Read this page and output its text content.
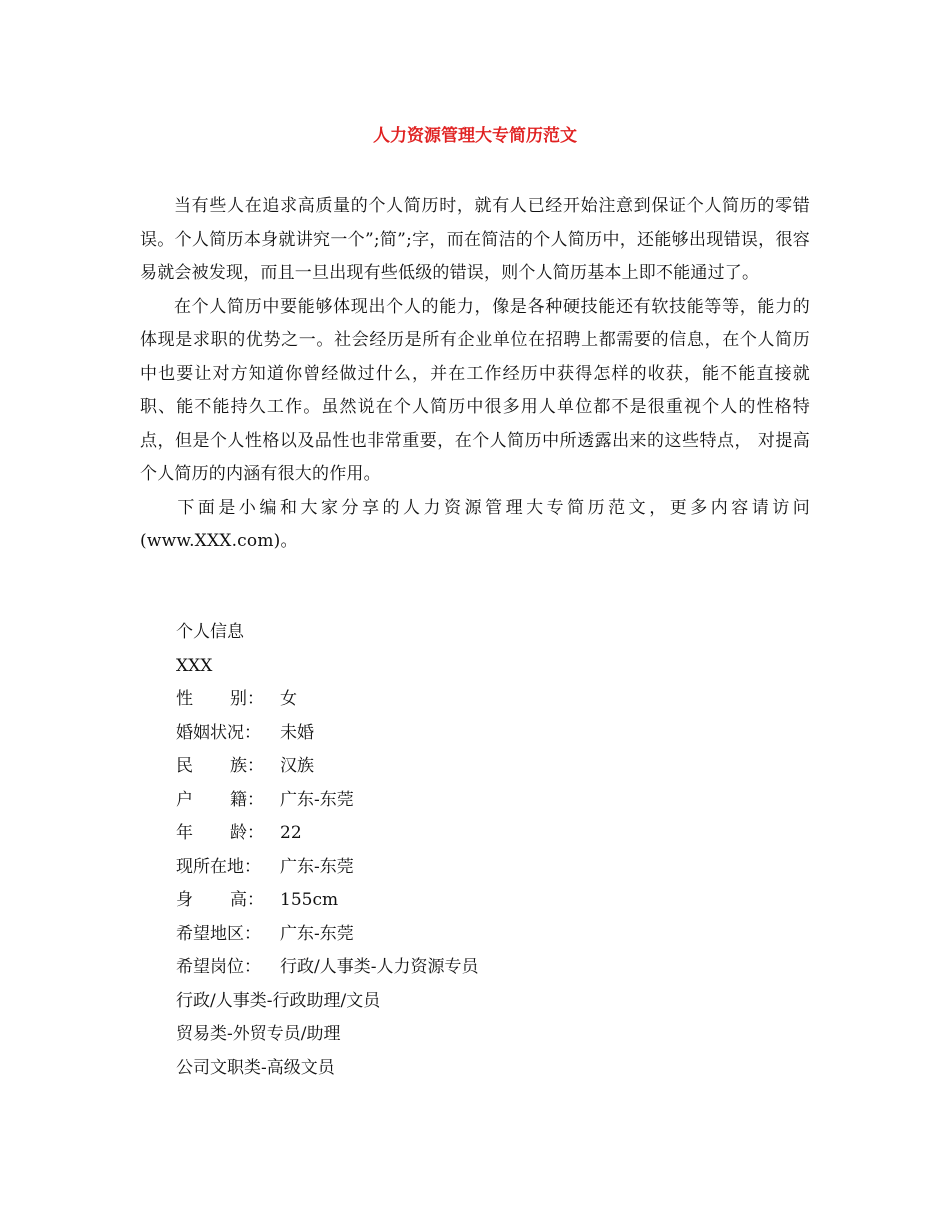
人力资源管理大专简历范文

当有些人在追求高质量的个人简历时，就有人已经开始注意到保证个人简历的零错误。个人简历本身就讲究一个”;简”;字，而在简洁的个人简历中，还能够出现错误，很容易就会被发现，而且一旦出现有些低级的错误，则个人简历基本上即不能通过了。

在个人简历中要能够体现出个人的能力，像是各种硬技能还有软技能等等，能力的体现是求职的优势之一。社会经历是所有企业单位在招聘上都需要的信息，在个人简历中也要让对方知道你曾经做过什么，并在工作经历中获得怎样的收获，能不能直接就职、能不能持久工作。虽然说在个人简历中很多用人单位都不是很重视个人的性格特点，但是个人性格以及品性也非常重要，在个人简历中所透露出来的这些特点， 对提高个人简历的内涵有很大的作用。

下面是小编和大家分享的人力资源管理大专简历范文，更多内容请访问(www.XXX.com)。

个人信息
XXX
性 别： 女
婚姻状况：	未婚
民 族： 汉族
户 籍： 广东-东莞
年 龄： 22
现所在地：	广东-东莞
身 高： 155cm
希望地区：	广东-东莞
希望岗位：	行政/人事类-人力资源专员
行政/人事类-行政助理/文员
贸易类-外贸专员/助理
公司文职类-高级文员
